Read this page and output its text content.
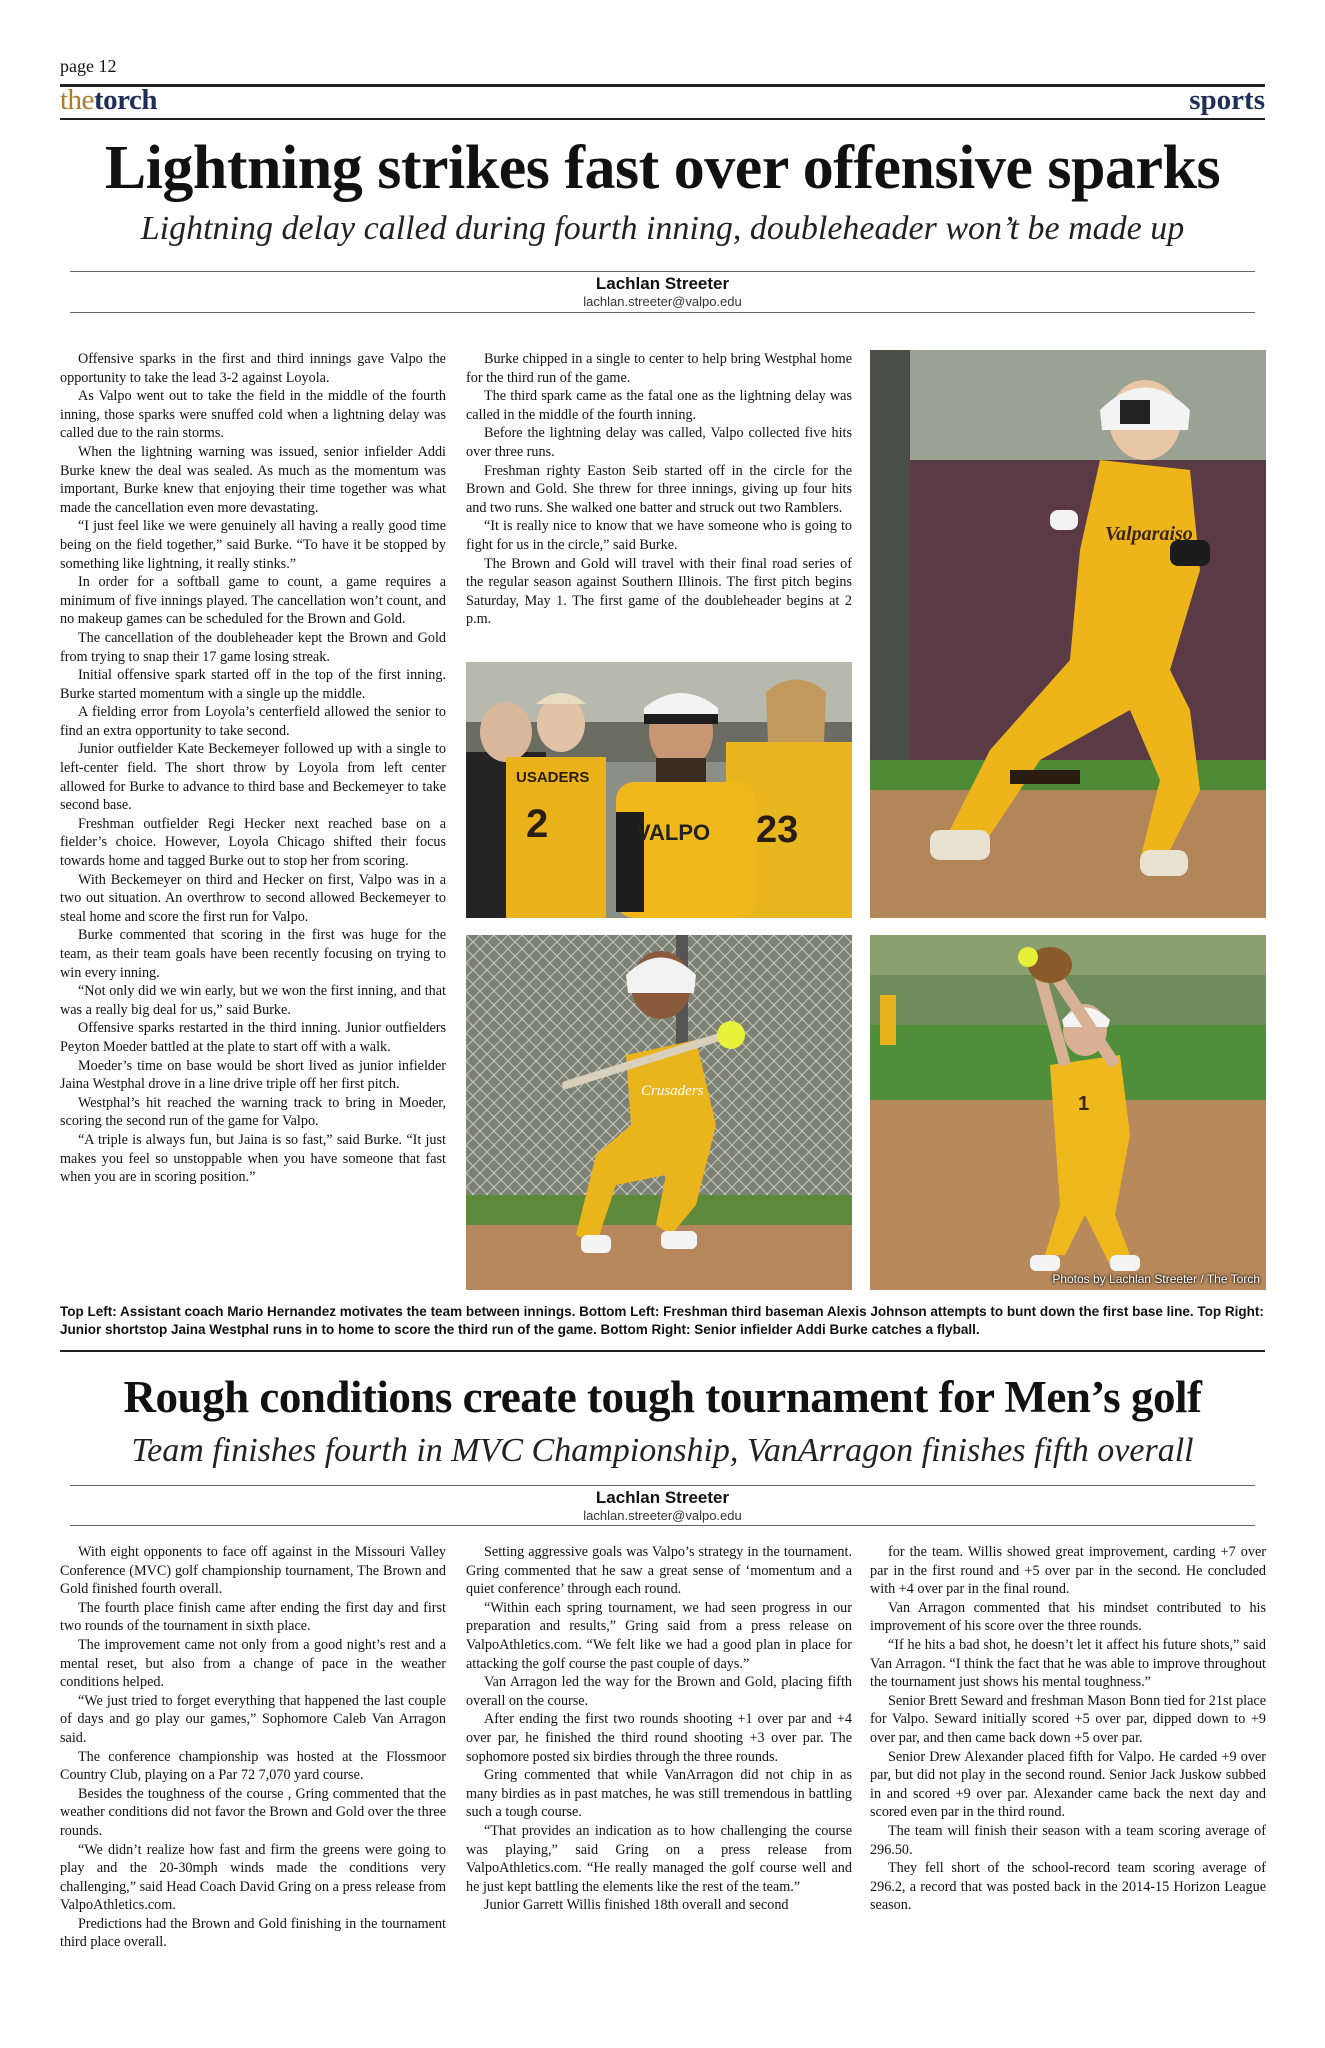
page 12
thetorch	sports
Lightning strikes fast over offensive sparks
Lightning delay called during fourth inning, doubleheader won’t be made up
Lachlan Streeter
lachlan.streeter@valpo.edu

Offensive sparks in the first and third innings gave Valpo the opportunity to take the lead 3-2 against Loyola.

As Valpo went out to take the field in the middle of the fourth inning, those sparks were snuffed cold when a lightning delay was called due to the rain storms.

When the lightning warning was issued, senior infielder Addi Burke knew the deal was sealed. As much as the momentum was important, Burke knew that enjoying their time together was what made the cancellation even more devastating.

“I just feel like we were genuinely all having a really good time being on the field together,” said Burke. “To have it be stopped by something like lightning, it really stinks.”

In order for a softball game to count, a game requires a minimum of five innings played. The cancellation won’t count, and no makeup games can be scheduled for the Brown and Gold.

The cancellation of the doubleheader kept the Brown and Gold from trying to snap their 17 game losing streak.

Initial offensive spark started off in the top of the first inning. Burke started momentum with a single up the middle.

A fielding error from Loyola’s centerfield allowed the senior to find an extra opportunity to take second.

Junior outfielder Kate Beckemeyer followed up with a single to left-center field. The short throw by Loyola from left center allowed for Burke to advance to third base and Beckemeyer to take second base.

Freshman outfielder Regi Hecker next reached base on a fielder’s choice. However, Loyola Chicago shifted their focus towards home and tagged Burke out to stop her from scoring.

With Beckemeyer on third and Hecker on first, Valpo was in a two out situation. An overthrow to second allowed Beckemeyer to steal home and score the first run for Valpo.

Burke commented that scoring in the first was huge for the team, as their team goals have been recently focusing on trying to win every inning.

“Not only did we win early, but we won the first inning, and that was a really big deal for us,” said Burke.

Offensive sparks restarted in the third inning. Junior outfielders Peyton Moeder battled at the plate to start off with a walk.

Moeder’s time on base would be short lived as junior infielder Jaina Westphal drove in a line drive triple off her first pitch.

Westphal’s hit reached the warning track to bring in Moeder, scoring the second run of the game for Valpo.

“A triple is always fun, but Jaina is so fast,” said Burke. “It just makes you feel so unstoppable when you have someone that fast when you are in scoring position.”

Burke chipped in a single to center to help bring Westphal home for the third run of the game.

The third spark came as the fatal one as the lightning delay was called in the middle of the fourth inning.

Before the lightning delay was called, Valpo collected five hits over three runs.

Freshman righty Easton Seib started off in the circle for the Brown and Gold. She threw for three innings, giving up four hits and two runs. She walked one batter and struck out two Ramblers.

“It is really nice to know that we have someone who is going to fight for us in the circle,” said Burke.

The Brown and Gold will travel with their final road series of the regular season against Southern Illinois. The first pitch begins Saturday, May 1. The first game of the doubleheader begins at 2 p.m.

VALPO
USADERS
2	23
Crusaders
Valparaiso
1
Photos by Lachlan Streeter / The Torch
Top Left: Assistant coach Mario Hernandez motivates the team between innings. Bottom Left: Freshman third baseman Alexis Johnson attempts to bunt down the first base line. Top Right: Junior shortstop Jaina Westphal runs in to home to score the third run of the game. Bottom Right: Senior infielder Addi Burke catches a flyball.
Rough conditions create tough tournament for Men’s golf
Team finishes fourth in MVC Championship, VanArragon finishes fifth overall
Lachlan Streeter
lachlan.streeter@valpo.edu

With eight opponents to face off against in the Missouri Valley Conference (MVC) golf championship tournament, The Brown and Gold finished fourth overall.

The fourth place finish came after ending the first day and first two rounds of the tournament in sixth place.

The improvement came not only from a good night’s rest and a mental reset, but also from a change of pace in the weather conditions helped.

“We just tried to forget everything that happened the last couple of days and go play our games,” Sophomore Caleb Van Arragon said.

The conference championship was hosted at the Flossmoor Country Club, playing on a Par 72 7,070 yard course.

Besides the toughness of the course , Gring commented that the weather conditions did not favor the Brown and Gold over the three rounds.

“We didn’t realize how fast and firm the greens were going to play and the 20-30mph winds made the conditions very challenging,” said Head Coach David Gring on a press release from ValpoAthletics.com.

Predictions had the Brown and Gold finishing in the tournament third place overall.

Setting aggressive goals was Valpo’s strategy in the tournament. Gring commented that he saw a great sense of ‘momentum and a quiet conference’ through each round.

“Within each spring tournament, we had seen progress in our preparation and results,” Gring said from a press release on ValpoAthletics.com. “We felt like we had a good plan in place for attacking the golf course the past couple of days.”

Van Arragon led the way for the Brown and Gold, placing fifth overall on the course.

After ending the first two rounds shooting +1 over par and +4 over par, he finished the third round shooting +3 over par. The sophomore posted six birdies through the three rounds.

Gring commented that while VanArragon did not chip in as many birdies as in past matches, he was still tremendous in battling such a tough course.

“That provides an indication as to how challenging the course was playing,” said Gring on a press release from ValpoAthletics.com. “He really managed the golf course well and he just kept battling the elements like the rest of the team.”

Junior Garrett Willis finished 18th overall and second

for the team. Willis showed great improvement, carding +7 over par in the first round and +5 over par in the second. He concluded with +4 over par in the final round.

Van Arragon commented that his mindset contributed to his improvement of his score over the three rounds.

“If he hits a bad shot, he doesn’t let it affect his future shots,” said Van Arragon. “I think the fact that he was able to improve throughout the tournament just shows his mental toughness.”

Senior Brett Seward and freshman Mason Bonn tied for 21st place for Valpo. Seward initially scored +5 over par, dipped down to +9 over par, and then came back down +5 over par.

Senior Drew Alexander placed fifth for Valpo. He carded +9 over par, but did not play in the second round. Senior Jack Juskow subbed in and scored +9 over par. Alexander came back the next day and scored even par in the third round.

The team will finish their season with a team scoring average of 296.50.

They fell short of the school-record team scoring average of 296.2, a record that was posted back in the 2014-15 Horizon League season.
